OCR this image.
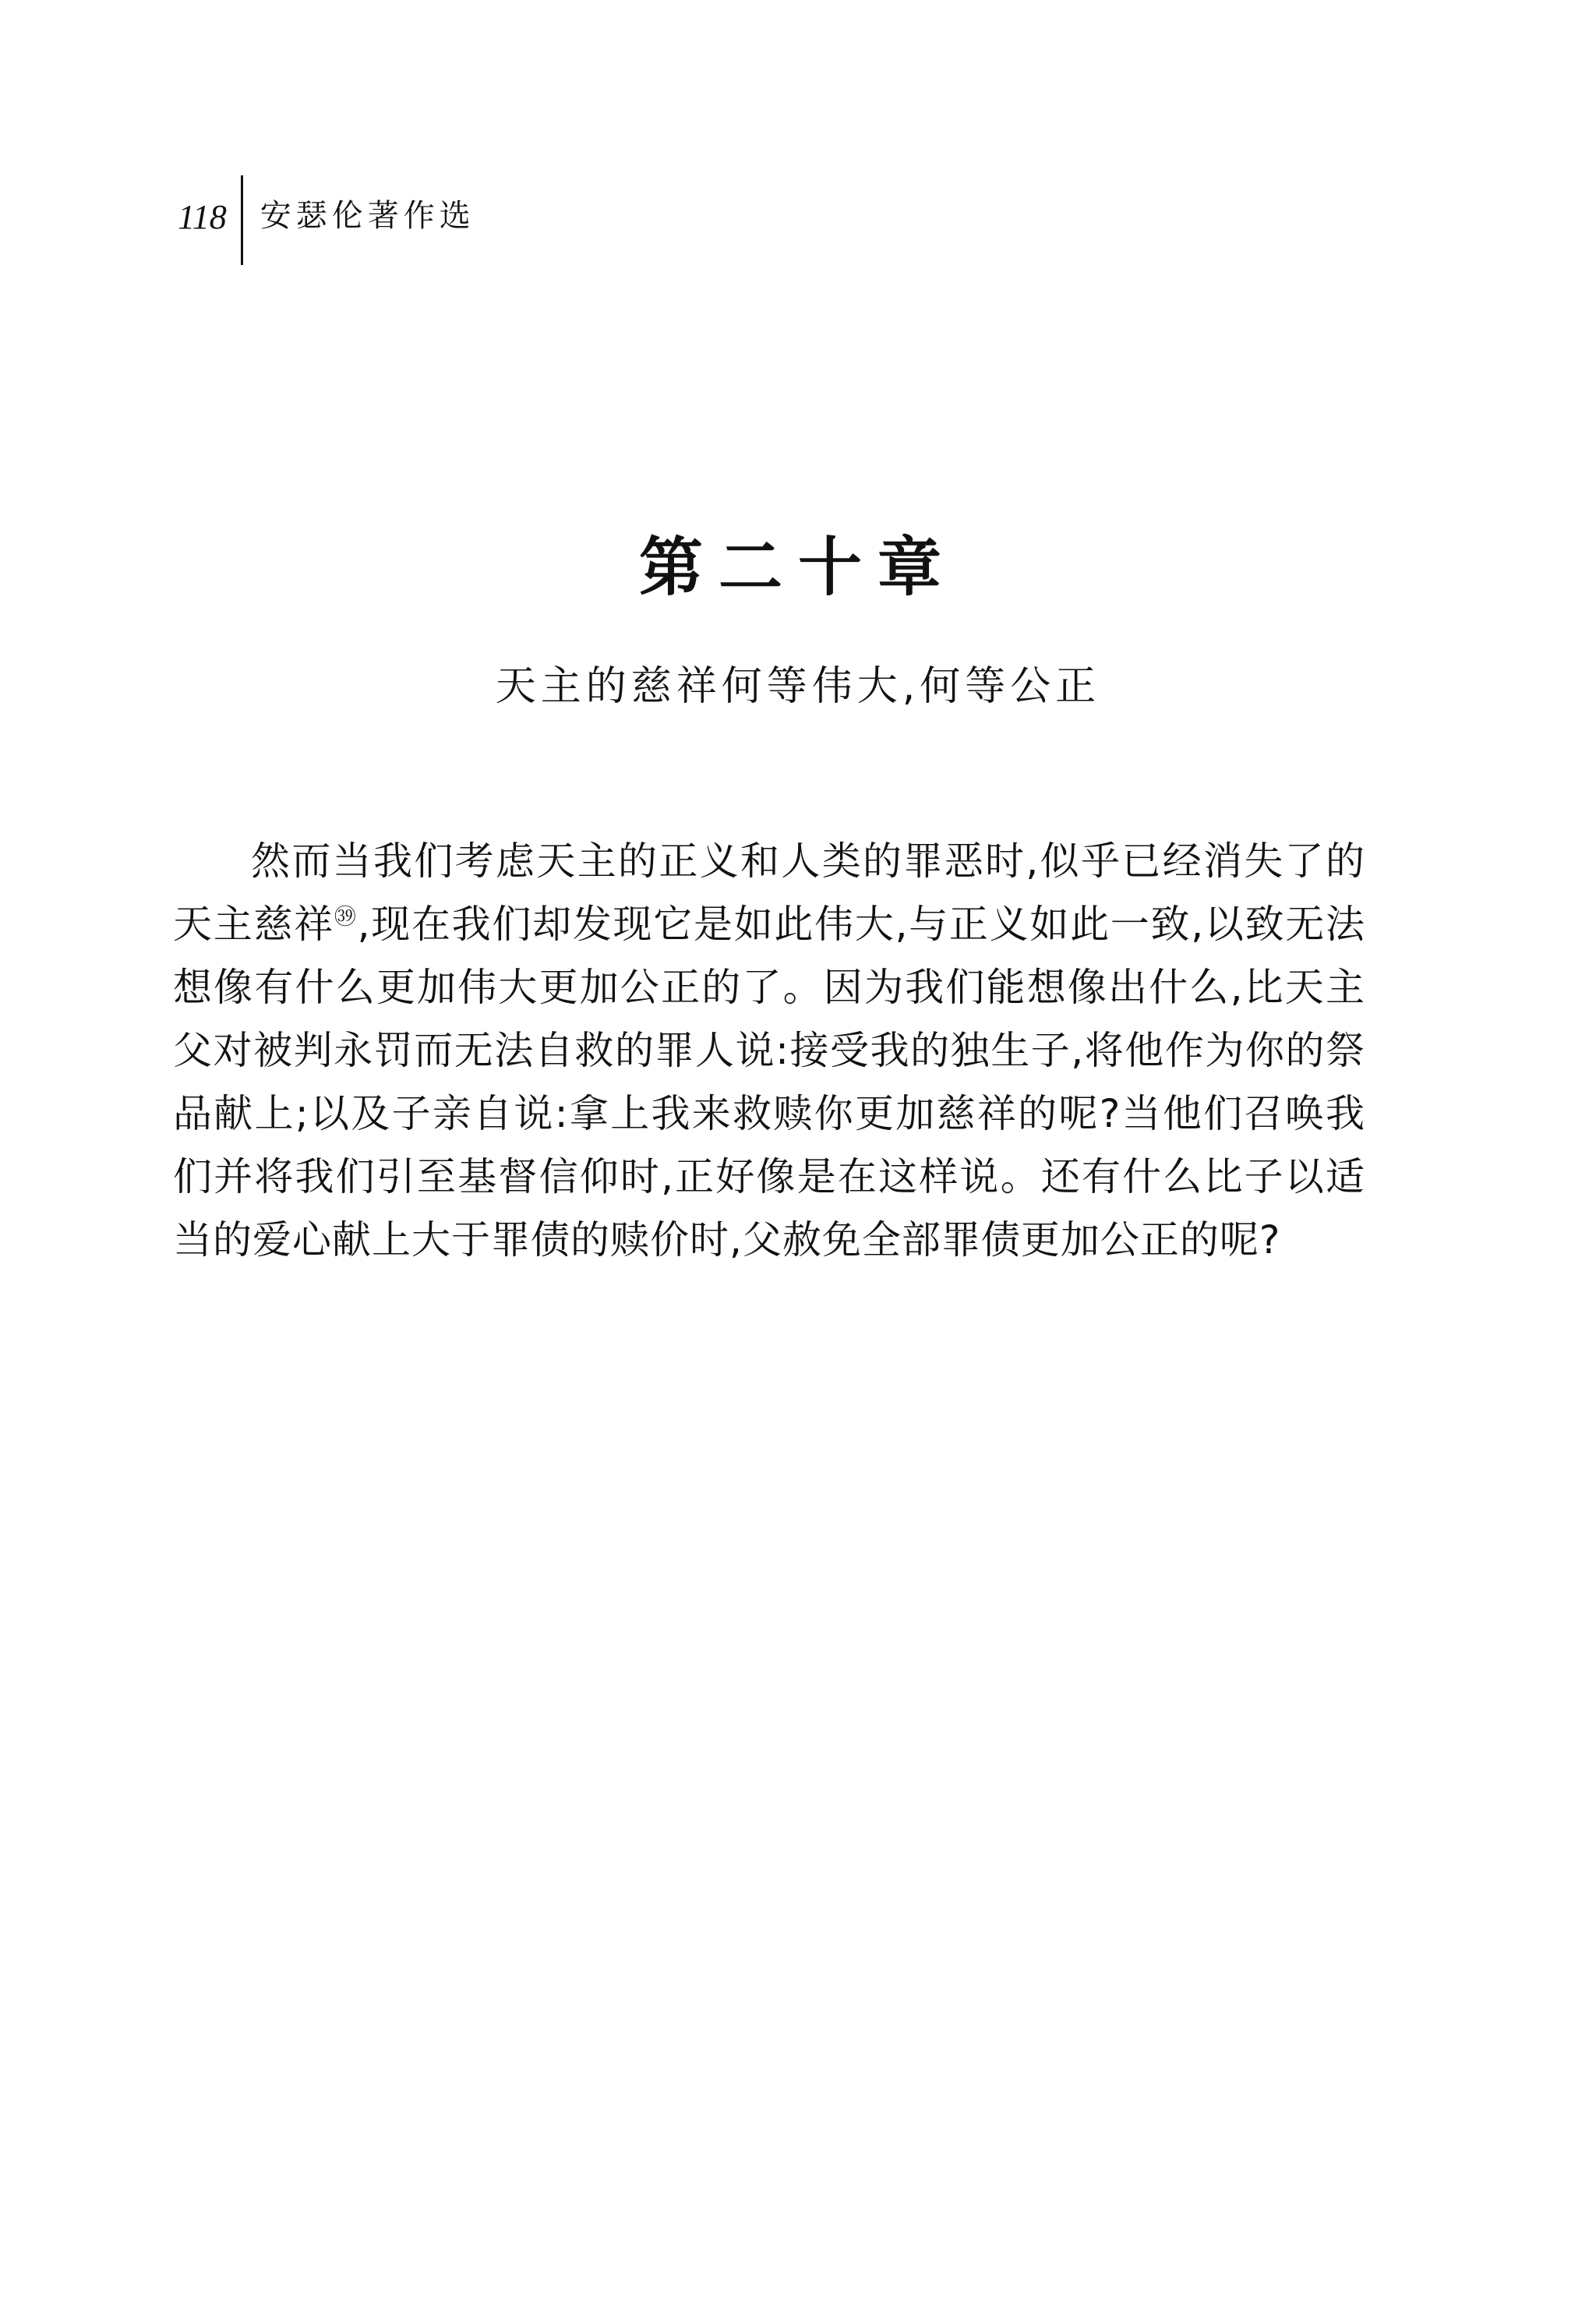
118	安瑟伦著作选
第二十章
天主的慈祥何等伟大,何等公正

然而当我们考虑天主的正义和人类的罪恶时,似乎已经消失了的天主慈祥$^㊴$,现在我们却发现它是如此伟大,与正义如此一致,以致无法想像有什么更加伟大更加公正的了。因为我们能想像出什么,比天主父对被判永罚而无法自救的罪人说:接受我的独生子,将他作为你的祭品献上;以及子亲自说:拿上我来救赎你更加慈祥的呢?当他们召唤我们并将我们引至基督信仰时,正好像是在这样说。还有什么比子以适当的爱心献上大于罪债的赎价时,父赦免全部罪债更加公正的呢?
